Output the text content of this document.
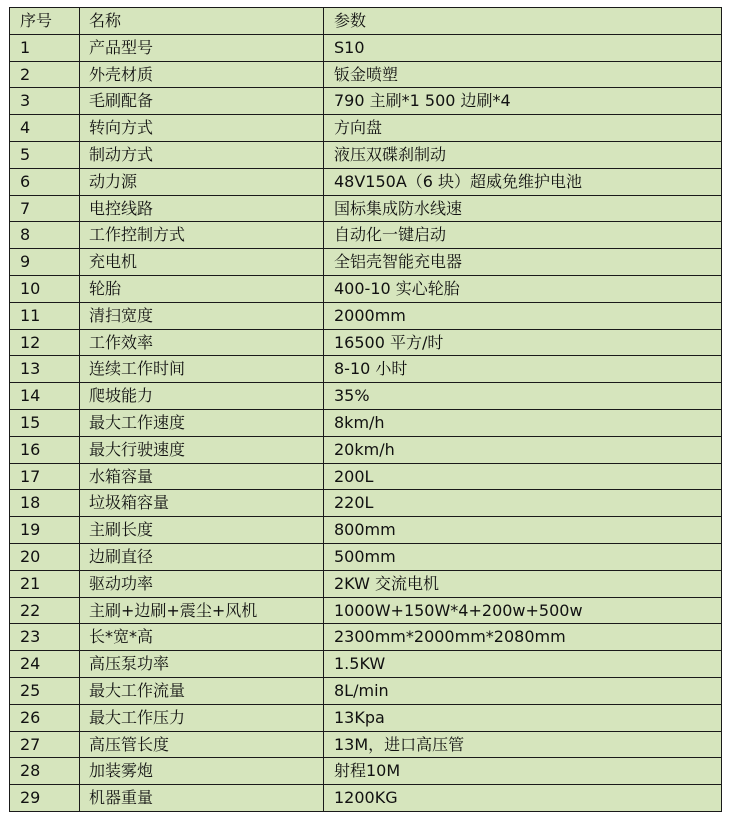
序号	名称	参数
1	产品型号	S10
2	外壳材质	钣金喷塑
3	毛刷配备	790 主刷*1 500 边刷*4
4	转向方式	方向盘
5	制动方式	液压双碟刹制动
6	动力源	48V150A（6 块）超威免维护电池
7	电控线路	国标集成防水线速
8	工作控制方式	自动化一键启动
9	充电机	全铝壳智能充电器
10	轮胎	400-10 实心轮胎
11	清扫宽度	2000mm
12	工作效率	16500 平方/时
13	连续工作时间	8-10 小时
14	爬坡能力	35%
15	最大工作速度	8km/h
16	最大行驶速度	20km/h
17	水箱容量	200L
18	垃圾箱容量	220L
19	主刷长度	800mm
20	边刷直径	500mm
21	驱动功率	2KW 交流电机
22	主刷+边刷+震尘+风机	1000W+150W*4+200w+500w
23	长*宽*高	2300mm*2000mm*2080mm
24	高压泵功率	1.5KW
25	最大工作流量	8L/min
26	最大工作压力	13Kpa
27	高压管长度	13M，进口高压管
28	加装雾炮	射程10M
29	机器重量	1200KG
